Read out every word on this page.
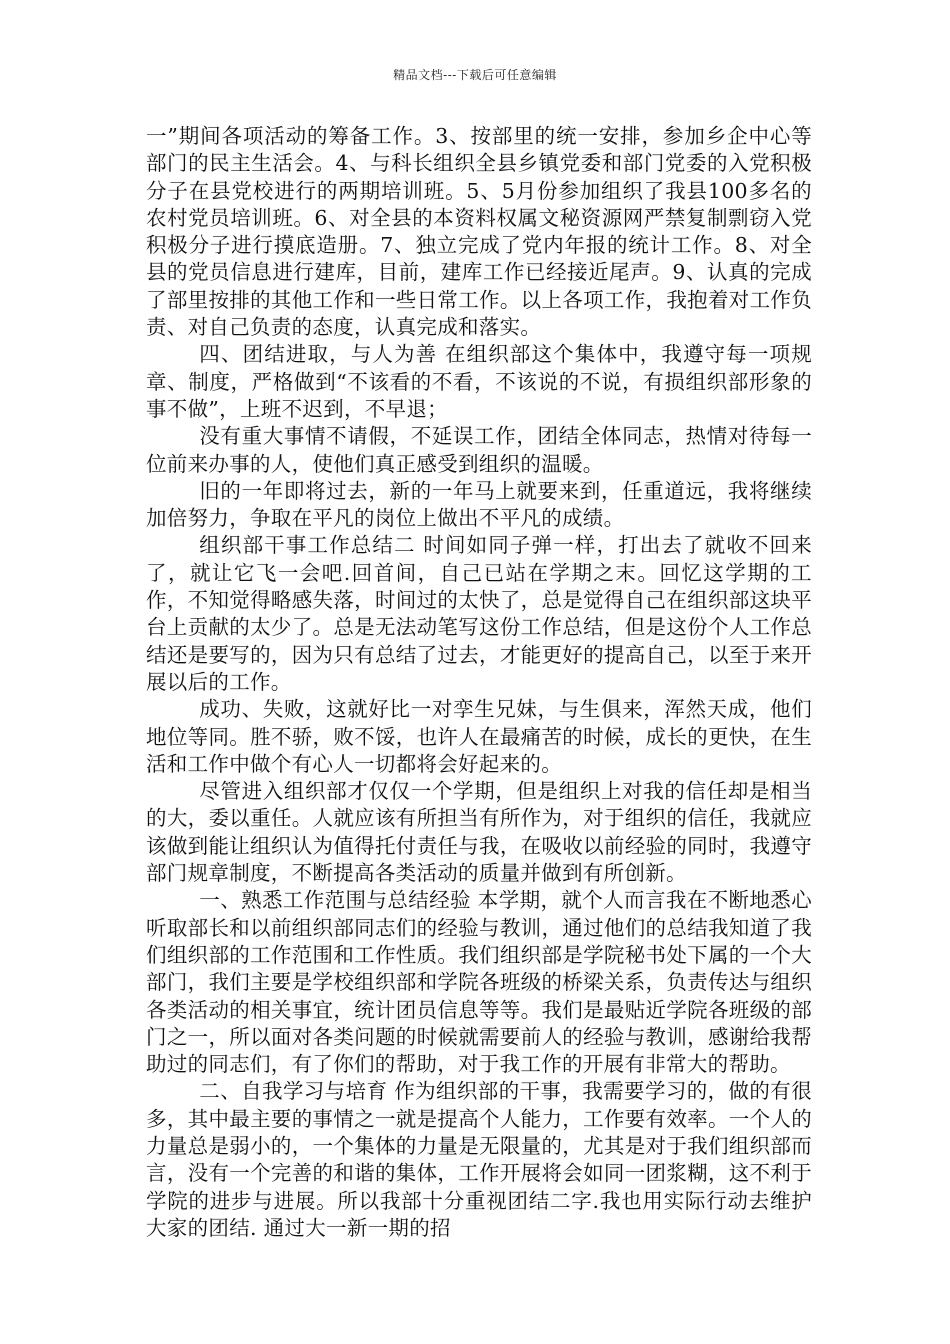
精品文档---下载后可任意编辑

一”期间各项活动的筹备工作。3、按部里的统一安排，参加乡企中心等部门的民主生活会。4、与科长组织全县乡镇党委和部门党委的入党积极分子在县党校进行的两期培训班。5、5月份参加组织了我县100多名的农村党员培训班。6、对全县的本资料权属文秘资源网严禁复制剽窃入党积极分子进行摸底造册。7、独立完成了党内年报的统计工作。8、对全县的党员信息进行建库，目前，建库工作已经接近尾声。9、认真的完成了部里按排的其他工作和一些日常工作。以上各项工作，我抱着对工作负责、对自己负责的态度，认真完成和落实。

四、团结进取，与人为善 在组织部这个集体中，我遵守每一项规章、制度，严格做到“不该看的不看，不该说的不说，有损组织部形象的事不做”，上班不迟到，不早退；

没有重大事情不请假，不延误工作，团结全体同志，热情对待每一位前来办事的人，使他们真正感受到组织的温暖。

旧的一年即将过去，新的一年马上就要来到，任重道远，我将继续加倍努力，争取在平凡的岗位上做出不平凡的成绩。

组织部干事工作总结二 时间如同子弹一样，打出去了就收不回来了，就让它飞一会吧.回首间，自己已站在学期之末。回忆这学期的工作，不知觉得略感失落，时间过的太快了，总是觉得自己在组织部这块平台上贡献的太少了。总是无法动笔写这份工作总结，但是这份个人工作总结还是要写的，因为只有总结了过去，才能更好的提高自己，以至于来开展以后的工作。

成功、失败，这就好比一对孪生兄妹，与生俱来，浑然天成，他们地位等同。胜不骄，败不馁，也许人在最痛苦的时候，成长的更快，在生活和工作中做个有心人一切都将会好起来的。

尽管进入组织部才仅仅一个学期，但是组织上对我的信任却是相当的大，委以重任。人就应该有所担当有所作为，对于组织的信任，我就应该做到能让组织认为值得托付责任与我，在吸收以前经验的同时，我遵守部门规章制度，不断提高各类活动的质量并做到有所创新。

一、熟悉工作范围与总结经验 本学期，就个人而言我在不断地悉心听取部长和以前组织部同志们的经验与教训，通过他们的总结我知道了我们组织部的工作范围和工作性质。我们组织部是学院秘书处下属的一个大部门，我们主要是学校组织部和学院各班级的桥梁关系，负责传达与组织各类活动的相关事宜，统计团员信息等等。我们是最贴近学院各班级的部门之一，所以面对各类问题的时候就需要前人的经验与教训，感谢给我帮助过的同志们，有了你们的帮助，对于我工作的开展有非常大的帮助。

二、自我学习与培育 作为组织部的干事，我需要学习的，做的有很多，其中最主要的事情之一就是提高个人能力，工作要有效率。一个人的力量总是弱小的，一个集体的力量是无限量的，尤其是对于我们组织部而言，没有一个完善的和谐的集体，工作开展将会如同一团浆糊，这不利于学院的进步与进展。所以我部十分重视团结二字.我也用实际行动去维护大家的团结. 通过大一新一期的招
